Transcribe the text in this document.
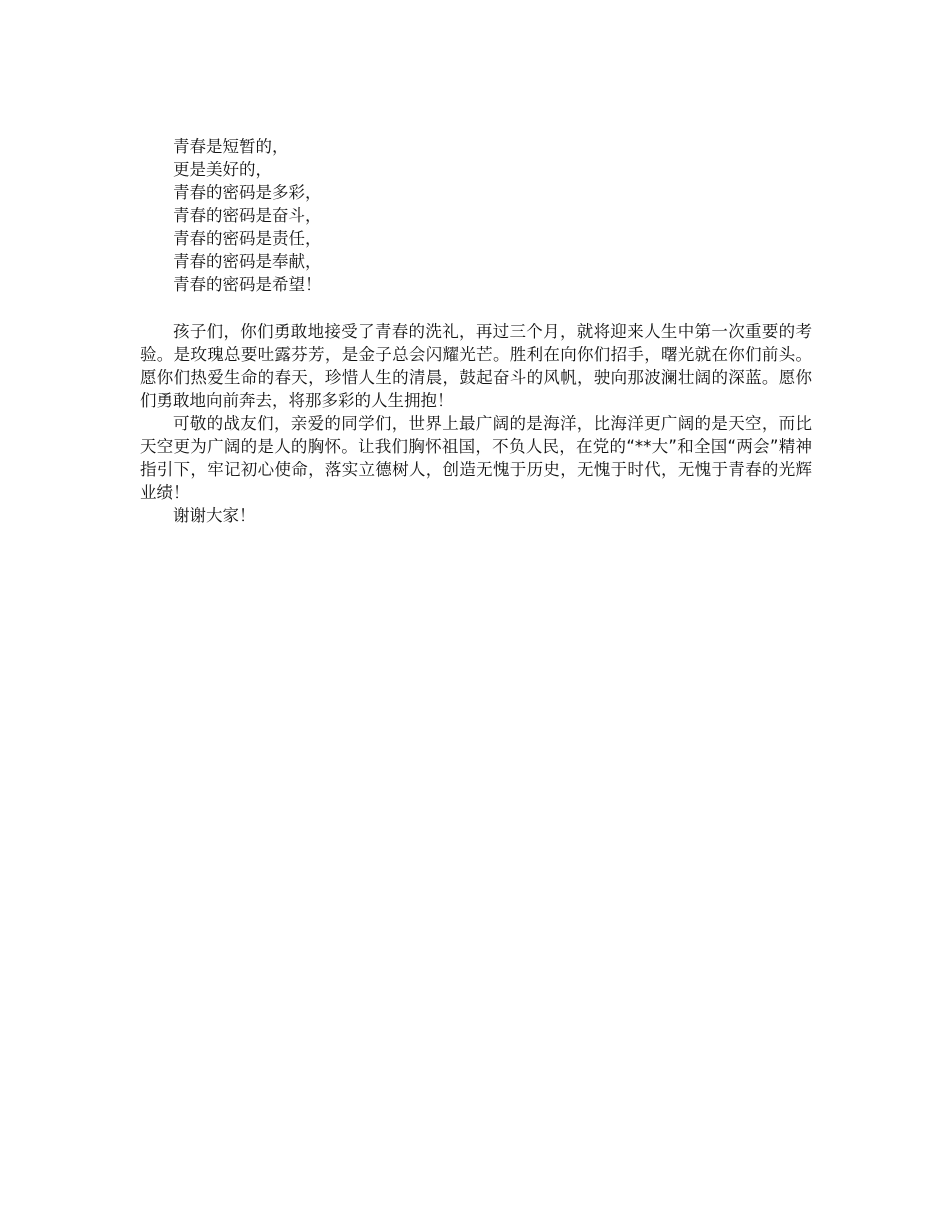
青春是短暂的，
更是美好的，
青春的密码是多彩，
青春的密码是奋斗，
青春的密码是责任，
青春的密码是奉献，
青春的密码是希望！
孩子们，你们勇敢地接受了青春的洗礼，再过三个月，就将迎来人生中第一次重要的考验。是玫瑰总要吐露芬芳，是金子总会闪耀光芒。胜利在向你们招手，曙光就在你们前头。愿你们热爱生命的春天，珍惜人生的清晨，鼓起奋斗的风帆，驶向那波澜壮阔的深蓝。愿你们勇敢地向前奔去，将那多彩的人生拥抱！
可敬的战友们，亲爱的同学们，世界上最广阔的是海洋，比海洋更广阔的是天空，而比天空更为广阔的是人的胸怀。让我们胸怀祖国，不负人民，在党的“**大”和全国“两会”精神指引下，牢记初心使命，落实立德树人，创造无愧于历史，无愧于时代，无愧于青春的光辉业绩！
谢谢大家！
